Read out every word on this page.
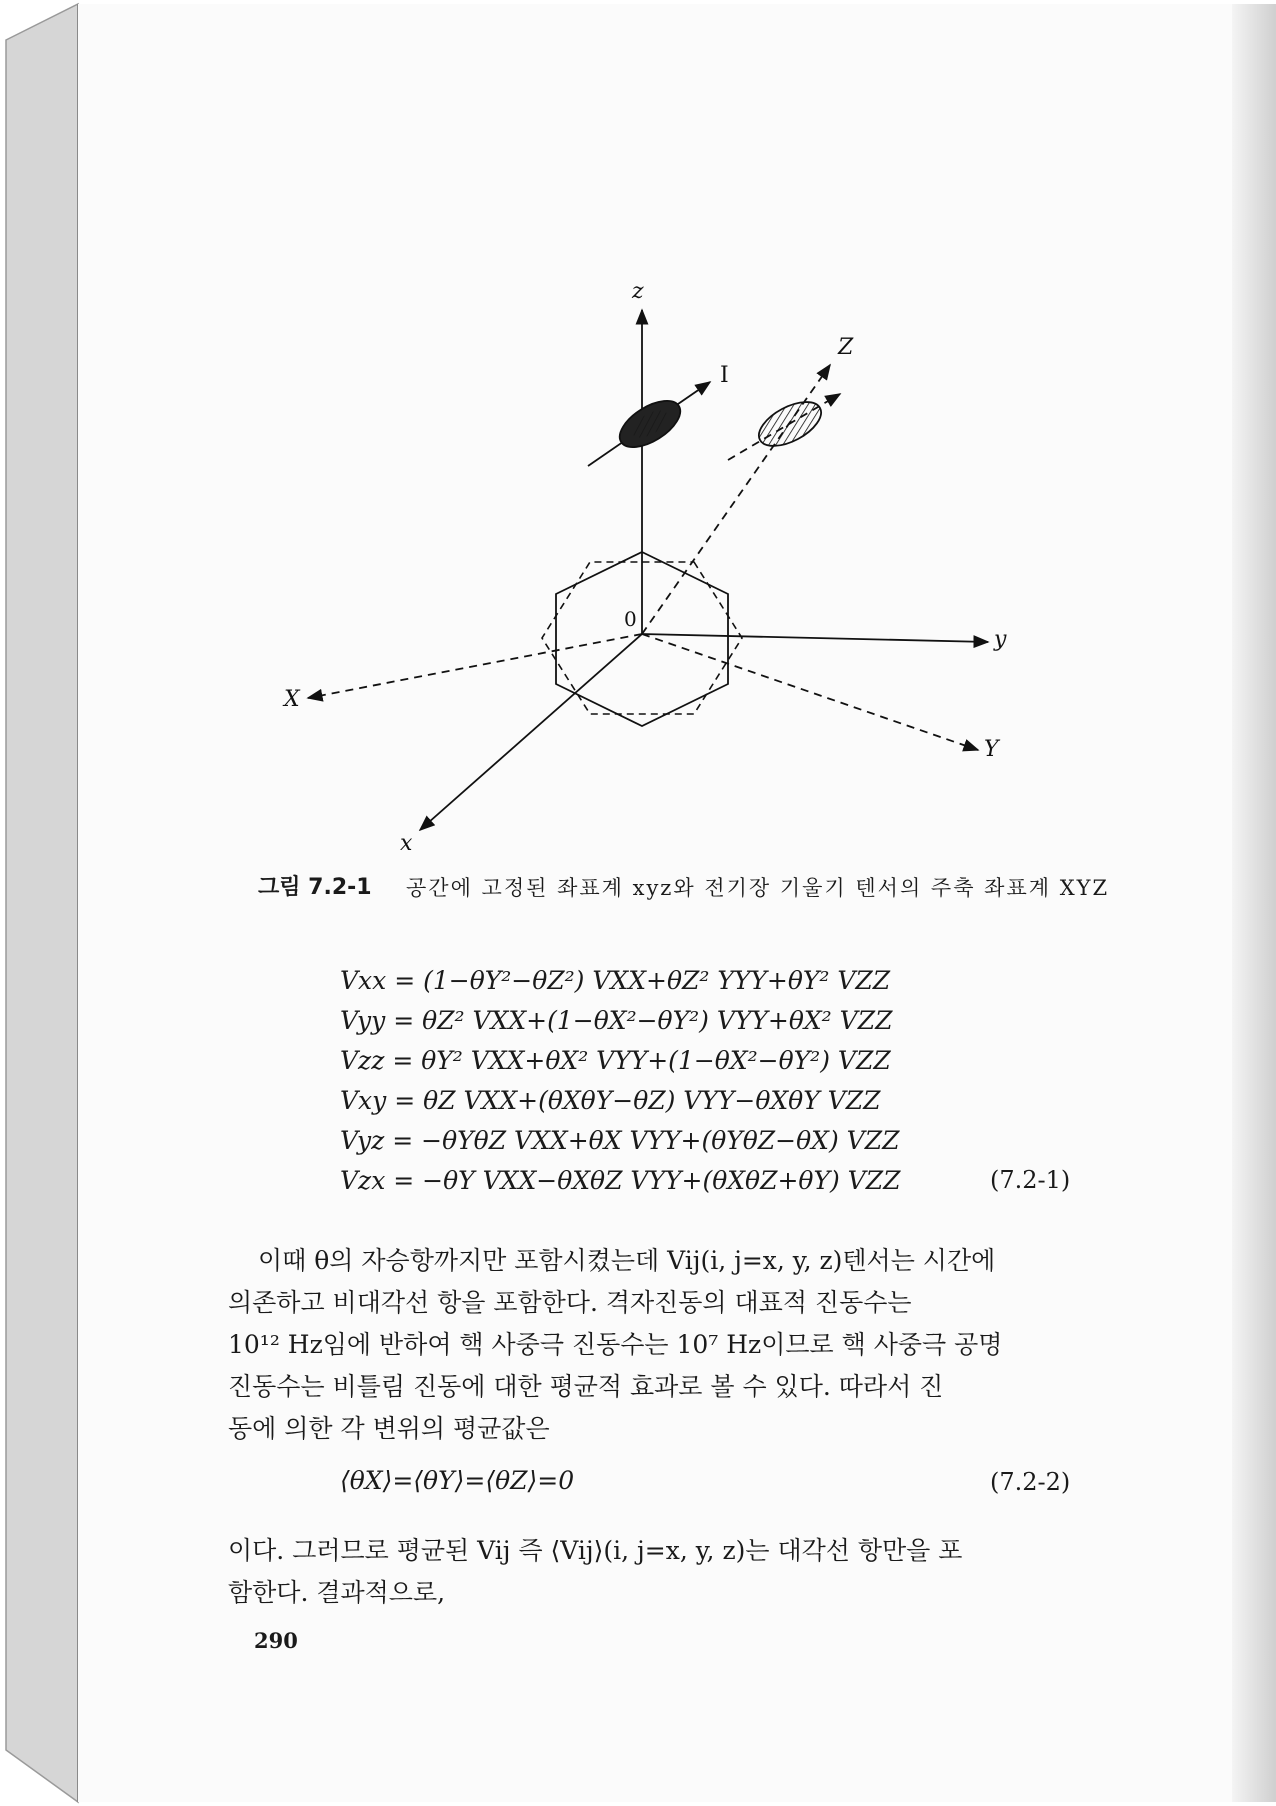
z
I
Z
0
y
X
Y
x
그림 7.2-1 공간에 고정된 좌표계 xyz와 전기장 기울기 텐서의 주축 좌표계 XYZ
Vxx = (1−θY²−θZ²) VXX+θZ² YYY+θY² VZZ
Vyy = θZ² VXX+(1−θX²−θY²) VYY+θX² VZZ
Vzz = θY² VXX+θX² VYY+(1−θX²−θY²) VZZ
Vxy = θZ VXX+(θXθY−θZ) VYY−θXθY VZZ
Vyz = −θYθZ VXX+θX VYY+(θYθZ−θX) VZZ
Vzx = −θY VXX−θXθZ VYY+(θXθZ+θY) VZZ	(7.2-1)

이때 θ의 자승항까지만 포함시켰는데 Vij(i, j=x, y, z)텐서는 시간에

의존하고 비대각선 항을 포함한다. 격자진동의 대표적 진동수는

10¹² Hz임에 반하여 핵 사중극 진동수는 10⁷ Hz이므로 핵 사중극 공명

진동수는 비틀림 진동에 대한 평균적 효과로 볼 수 있다. 따라서 진

동에 의한 각 변위의 평균값은

⟨θX⟩=⟨θY⟩=⟨θZ⟩=0	(7.2-2)

이다. 그러므로 평균된 Vij 즉 ⟨Vij⟩(i, j=x, y, z)는 대각선 항만을 포

함한다. 결과적으로,

290
